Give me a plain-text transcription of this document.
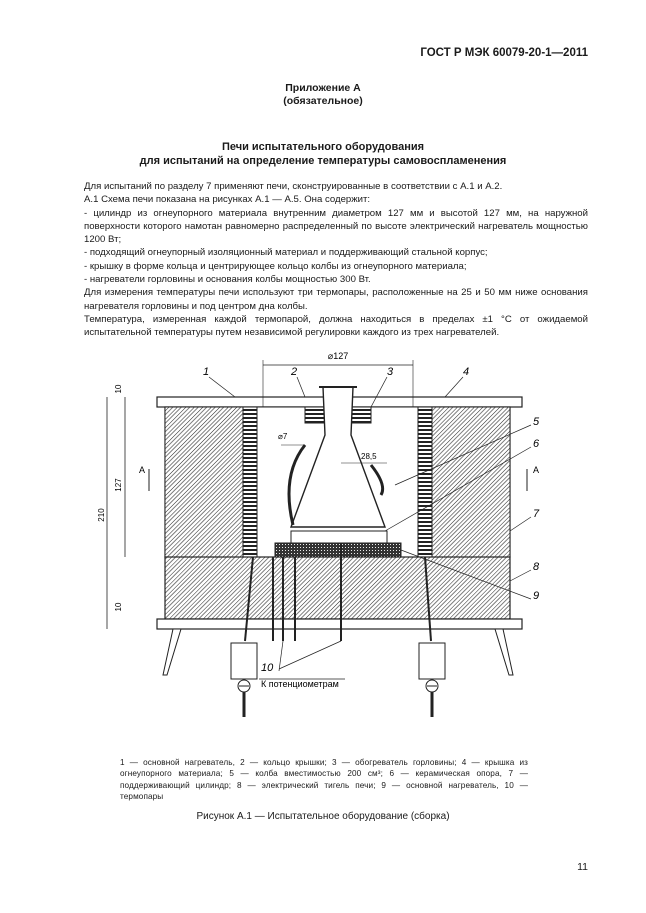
ГОСТ Р МЭК 60079-20-1—2011
Приложение А
(обязательное)
Печи испытательного оборудования
для испытаний на определение температуры самовоспламенения

Для испытаний по разделу 7 применяют печи, сконструированные в соответствии с А.1 и А.2.

А.1 Схема печи показана на рисунках А.1 — А.5. Она содержит:

- цилиндр из огнеупорного материала внутренним диаметром 127 мм и высотой 127 мм, на наружной поверхности которого намотан равномерно распределенный по высоте электрический нагреватель мощностью 1200 Вт;

- подходящий огнеупорный изоляционный материал и поддерживающий стальной корпус;

- крышку в форме кольца и центрирующее кольцо колбы из огнеупорного материала;

- нагреватели горловины и основания колбы мощностью 300 Вт.

Для измерения температуры печи используют три термопары, расположенные на 25 и 50 мм ниже основания нагревателя горловины и под центром дна колбы.

Температура, измеренная каждой термопарой, должна находиться в пределах ±1 °С от ожидаемой испытательной температуры путем независимой регулировки каждого из трех нагревателей.

⌀127
10
127
210
10
⌀7
28,5
A	A
1	2	3	4
5
6
7
8
9
10
К потенциометрам
1 — основной нагреватель, 2 — кольцо крышки; 3 — обогреватель горловины; 4 — крышка из огнеупорного материала; 5 — колба вместимостью 200 см³; 6 — керамическая опора, 7 — поддерживающий цилиндр; 8 — электрический тигель печи; 9 — основной нагреватель, 10 — термопары
Рисунок А.1 — Испытательное оборудование (сборка)
11
